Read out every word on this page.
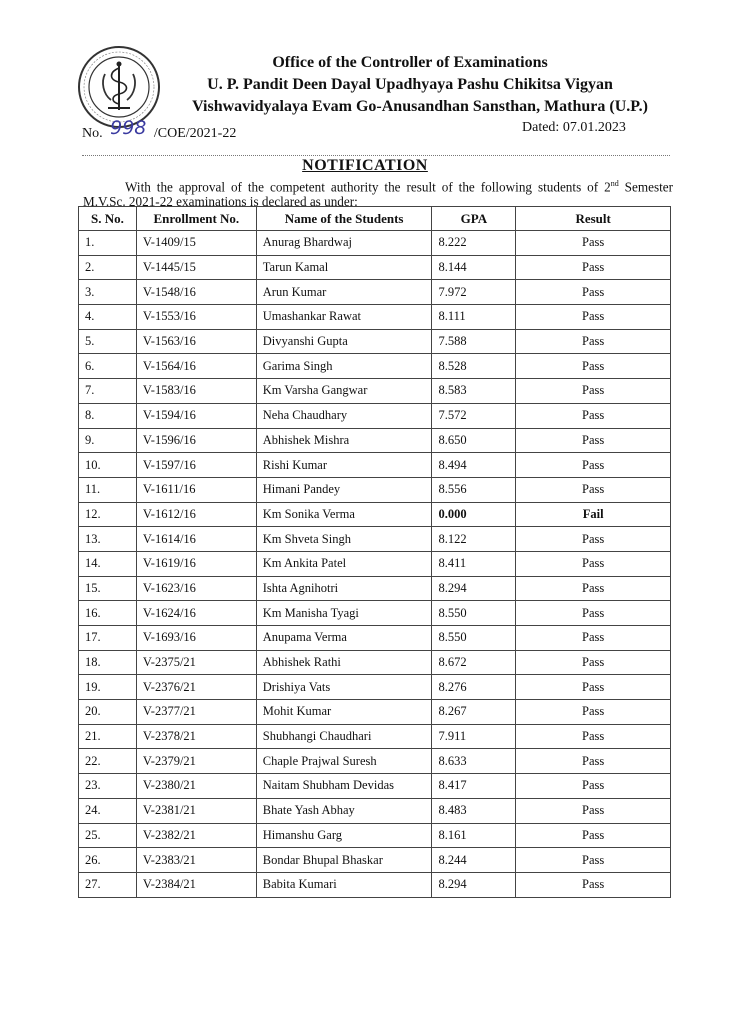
Office of the Controller of Examinations
U. P. Pandit Deen Dayal Upadhyaya Pashu Chikitsa Vigyan
Vishwavidyalaya Evam Go-Anusandhan Sansthan, Mathura (U.P.)
No. 998 /COE/2021-22	Dated: 07.01.2023
NOTIFICATION
With the approval of the competent authority the result of the following students of 2nd Semester M.V.Sc. 2021-22 examinations is declared as under:
S. No.	Enrollment No.	Name of the Students	GPA	Result
1.	V-1409/15	Anurag Bhardwaj	8.222	Pass
2.	V-1445/15	Tarun Kamal	8.144	Pass
3.	V-1548/16	Arun Kumar	7.972	Pass
4.	V-1553/16	Umashankar Rawat	8.111	Pass
5.	V-1563/16	Divyanshi Gupta	7.588	Pass
6.	V-1564/16	Garima Singh	8.528	Pass
7.	V-1583/16	Km Varsha Gangwar	8.583	Pass
8.	V-1594/16	Neha Chaudhary	7.572	Pass
9.	V-1596/16	Abhishek Mishra	8.650	Pass
10.	V-1597/16	Rishi Kumar	8.494	Pass
11.	V-1611/16	Himani Pandey	8.556	Pass
12.	V-1612/16	Km Sonika Verma	0.000	Fail
13.	V-1614/16	Km Shveta Singh	8.122	Pass
14.	V-1619/16	Km Ankita Patel	8.411	Pass
15.	V-1623/16	Ishta Agnihotri	8.294	Pass
16.	V-1624/16	Km Manisha Tyagi	8.550	Pass
17.	V-1693/16	Anupama Verma	8.550	Pass
18.	V-2375/21	Abhishek Rathi	8.672	Pass
19.	V-2376/21	Drishiya Vats	8.276	Pass
20.	V-2377/21	Mohit Kumar	8.267	Pass
21.	V-2378/21	Shubhangi Chaudhari	7.911	Pass
22.	V-2379/21	Chaple Prajwal Suresh	8.633	Pass
23.	V-2380/21	Naitam Shubham Devidas	8.417	Pass
24.	V-2381/21	Bhate Yash Abhay	8.483	Pass
25.	V-2382/21	Himanshu Garg	8.161	Pass
26.	V-2383/21	Bondar Bhupal Bhaskar	8.244	Pass
27.	V-2384/21	Babita Kumari	8.294	Pass
